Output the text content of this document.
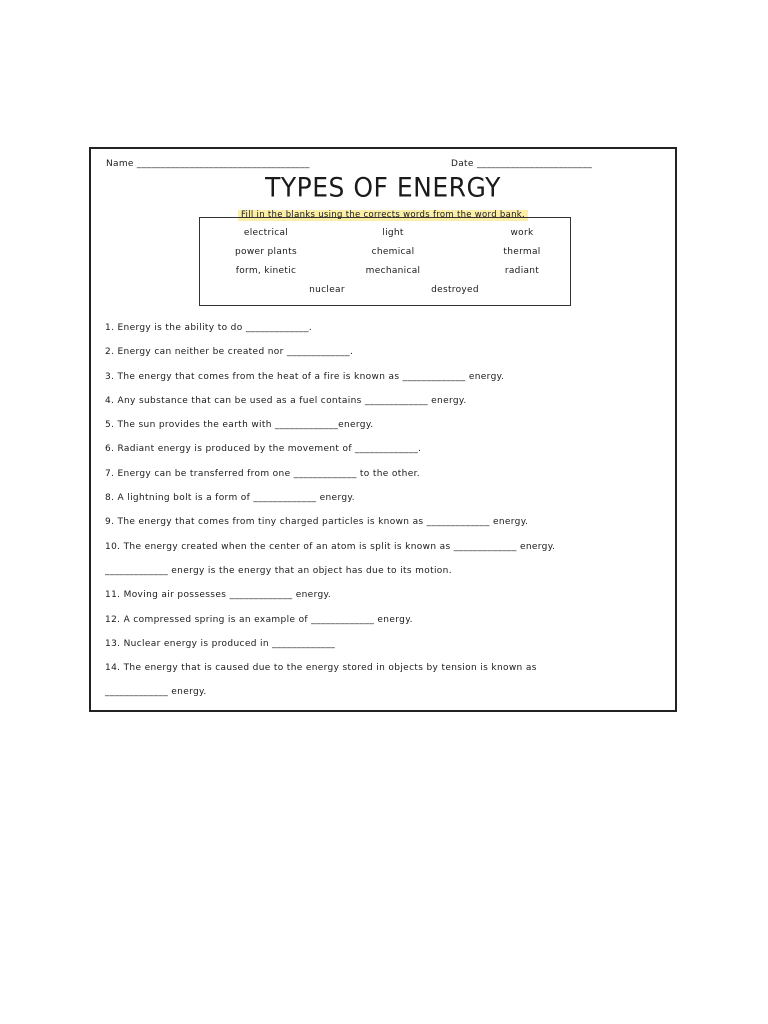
Name ____________________________________	Date ________________________
TYPES OF ENERGY
Fill in the blanks using the corrects words from the word bank.
electrical	light	work
power plants	chemical	thermal
form, kinetic	mechanical	radiant
nuclear	destroyed
1. Energy is the ability to do _____________.
2. Energy can neither be created nor _____________.
3. The energy that comes from the heat of a fire is known as _____________ energy.
4. Any substance that can be used as a fuel contains _____________ energy.
5. The sun provides the earth with _____________energy.
6. Radiant energy is produced by the movement of _____________.
7. Energy can be transferred from one _____________ to the other.
8. A lightning bolt is a form of _____________ energy.
9. The energy that comes from tiny charged particles is known as _____________ energy.
10. The energy created when the center of an atom is split is known as _____________ energy.
_____________ energy is the energy that an object has due to its motion.
11. Moving air possesses _____________ energy.
12. A compressed spring is an example of _____________ energy.
13. Nuclear energy is produced in _____________
14. The energy that is caused due to the energy stored in objects by tension is known as
_____________ energy.
